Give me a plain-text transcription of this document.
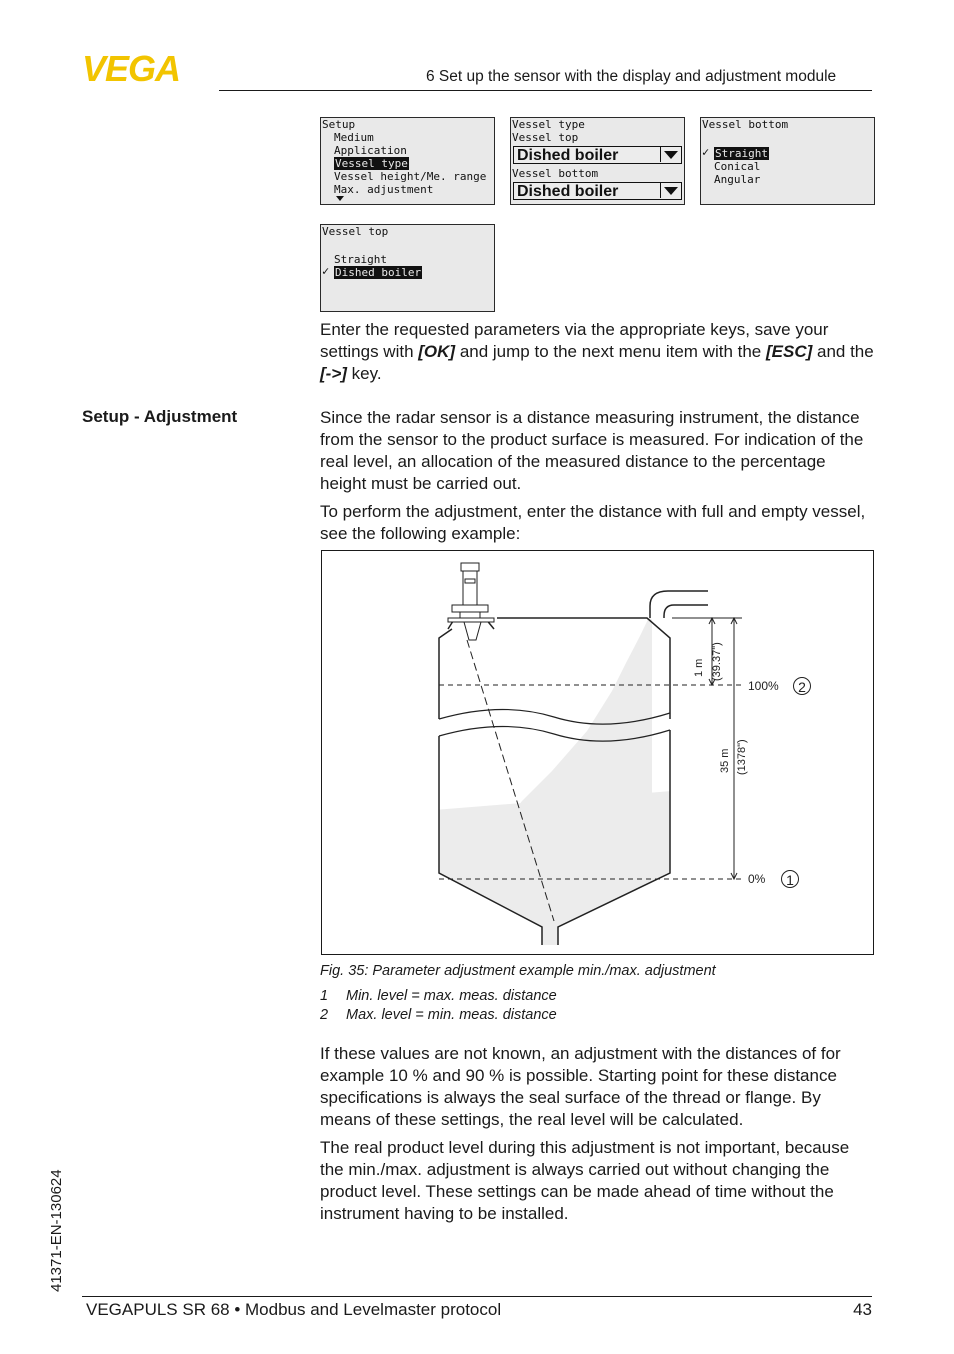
VEGA	6 Set up the sensor with the display and adjustment module
Setup
Medium
Application
Vessel type
Vessel height/Me. range
Max. adjustment
Vessel type
Vessel top
Dished boiler
Vessel bottom
Dished boiler
Vessel bottom
✓ Straight
Conical
Angular
Vessel top
Straight
✓ Dished boiler
Enter the requested parameters via the appropriate keys, save your settings with [OK] and jump to the next menu item with the [ESC] and the [->] key.
Setup - Adjustment	Since the radar sensor is a distance measuring instrument, the distance from the sensor to the product surface is measured. For indication of the real level, an allocation of the measured distance to the percentage height must be carried out.
To perform the adjustment, enter the distance with full and empty vessel, see the following example:
1 m (39.37")
35 m (1378")
100% 2
0% 1
Fig. 35: Parameter adjustment example min./max. adjustment
1 Min. level = max. meas. distance
2 Max. level = min. meas. distance
If these values are not known, an adjustment with the distances of for example 10 % and 90 % is possible. Starting point for these distance specifications is always the seal surface of the thread or flange. By means of these settings, the real level will be calculated.
The real product level during this adjustment is not important, because the min./max. adjustment is always carried out without changing the product level. These settings can be made ahead of time without the instrument having to be installed.
41371-EN-130624
VEGAPULS SR 68 • Modbus and Levelmaster protocol	43
